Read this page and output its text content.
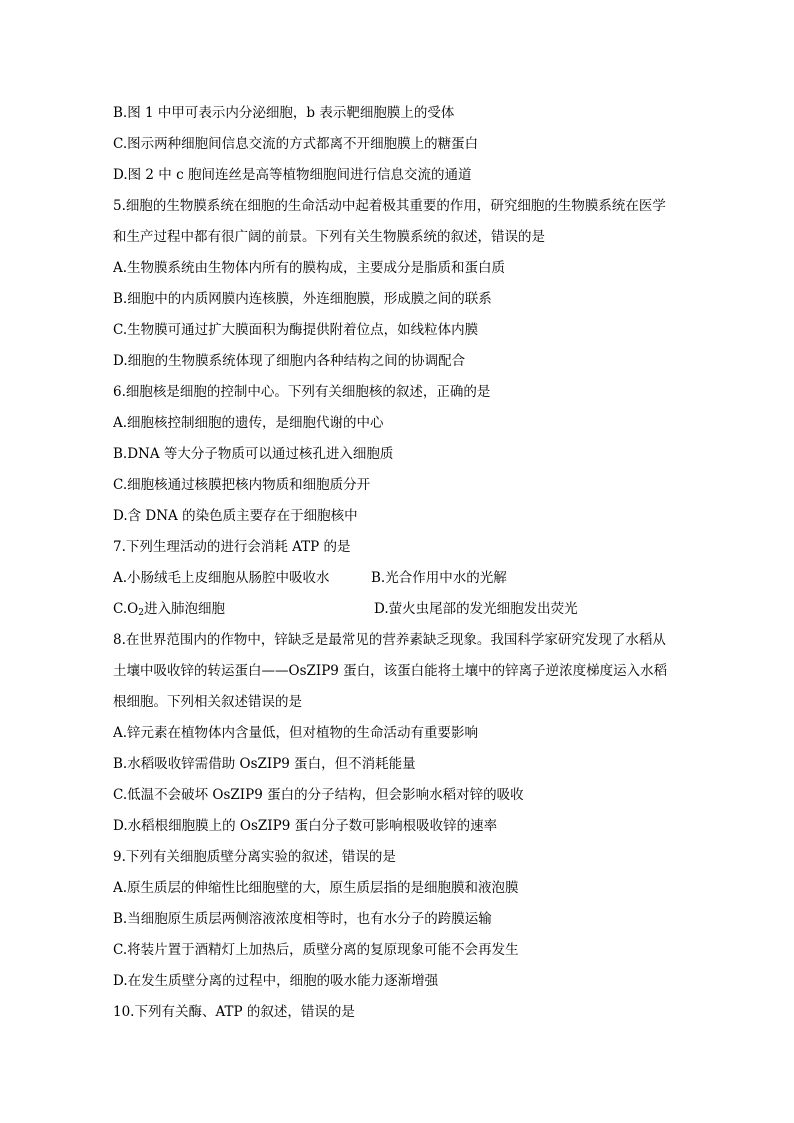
B.图 1 中甲可表示内分泌细胞，b 表示靶细胞膜上的受体
C.图示两种细胞间信息交流的方式都离不开细胞膜上的糖蛋白
D.图 2 中 c 胞间连丝是高等植物细胞间进行信息交流的通道
5.细胞的生物膜系统在细胞的生命活动中起着极其重要的作用，研究细胞的生物膜系统在医学
和生产过程中都有很广阔的前景。下列有关生物膜系统的叙述，错误的是
A.生物膜系统由生物体内所有的膜构成，主要成分是脂质和蛋白质
B.细胞中的内质网膜内连核膜，外连细胞膜，形成膜之间的联系
C.生物膜可通过扩大膜面积为酶提供附着位点，如线粒体内膜
D.细胞的生物膜系统体现了细胞内各种结构之间的协调配合
6.细胞核是细胞的控制中心。下列有关细胞核的叙述，正确的是
A.细胞核控制细胞的遗传，是细胞代谢的中心
B.DNA 等大分子物质可以通过核孔进入细胞质
C.细胞核通过核膜把核内物质和细胞质分开
D.含 DNA 的染色质主要存在于细胞核中
7.下列生理活动的进行会消耗 ATP 的是
A.小肠绒毛上皮细胞从肠腔中吸收水	B.光合作用中水的光解
$C.O_2$进入肺泡细胞	D.萤火虫尾部的发光细胞发出荧光
8.在世界范围内的作物中，锌缺乏是最常见的营养素缺乏现象。我国科学家研究发现了水稻从
土壤中吸收锌的转运蛋白——OsZIP9 蛋白，该蛋白能将土壤中的锌离子逆浓度梯度运入水稻
根细胞。下列相关叙述错误的是
A.锌元素在植物体内含量低，但对植物的生命活动有重要影响
B.水稻吸收锌需借助 OsZIP9 蛋白，但不消耗能量
C.低温不会破坏 OsZIP9 蛋白的分子结构，但会影响水稻对锌的吸收
D.水稻根细胞膜上的 OsZIP9 蛋白分子数可影响根吸收锌的速率
9.下列有关细胞质壁分离实验的叙述，错误的是
A.原生质层的伸缩性比细胞壁的大，原生质层指的是细胞膜和液泡膜
B.当细胞原生质层两侧溶液浓度相等时，也有水分子的跨膜运输
C.将装片置于酒精灯上加热后，质壁分离的复原现象可能不会再发生
D.在发生质壁分离的过程中，细胞的吸水能力逐渐增强
10.下列有关酶、ATP 的叙述，错误的是
